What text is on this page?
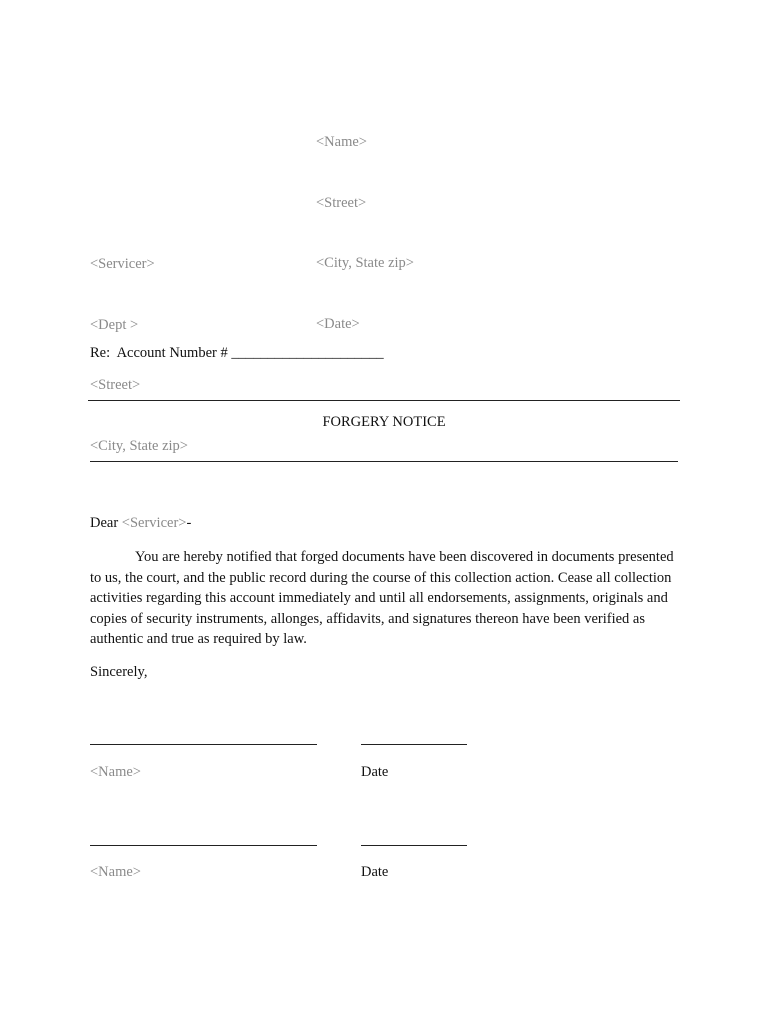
<Name>

<Street>

<City, State zip>

<Date>

<Servicer>

<Dept >

<Street>

<City, State zip>

Re:  Account Number # _____________________
FORGERY NOTICE
Dear <Servicer>-

You are hereby notified that forged documents have been discovered in documents presented to us, the court, and the public record during the course of this collection action. Cease all collection activities regarding this account immediately and until all endorsements, assignments, originals and copies of security instruments, allonges, affidavits, and signatures thereon have been verified as authentic and true as required by law.

Sincerely,
<Name>	Date
<Name>	Date
